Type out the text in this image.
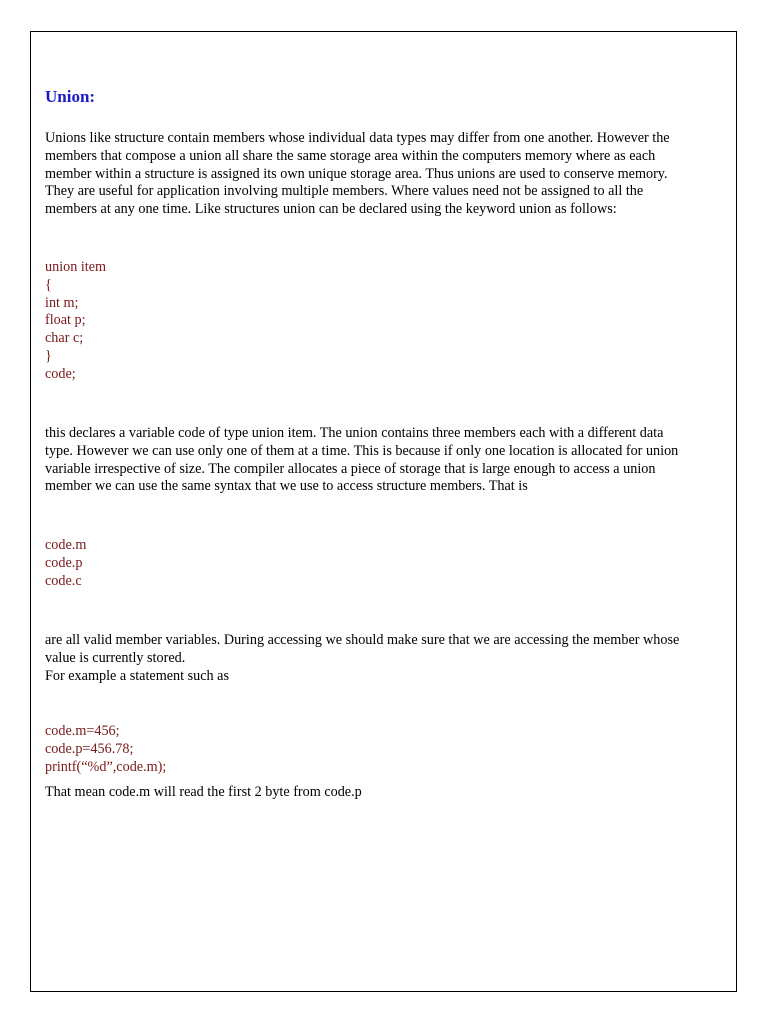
Union:
Unions like structure contain members whose individual data types may differ from one another. However the
members that compose a union all share the same storage area within the computers memory where as each
member within a structure is assigned its own unique storage area. Thus unions are used to conserve memory.
They are useful for application involving multiple members. Where values need not be assigned to all the
members at any one time. Like structures union can be declared using the keyword union as follows:
union item
{
int m;
float p;
char c;
}
code;
this declares a variable code of type union item. The union contains three members each with a different data
type. However we can use only one of them at a time. This is because if only one location is allocated for union
variable irrespective of size. The compiler allocates a piece of storage that is large enough to access a union
member we can use the same syntax that we use to access structure members. That is
code.m
code.p
code.c
are all valid member variables. During accessing we should make sure that we are accessing the member whose
value is currently stored.
For example a statement such as
code.m=456;
code.p=456.78;
printf(“%d”,code.m);
That mean code.m will read the first 2 byte from code.p
